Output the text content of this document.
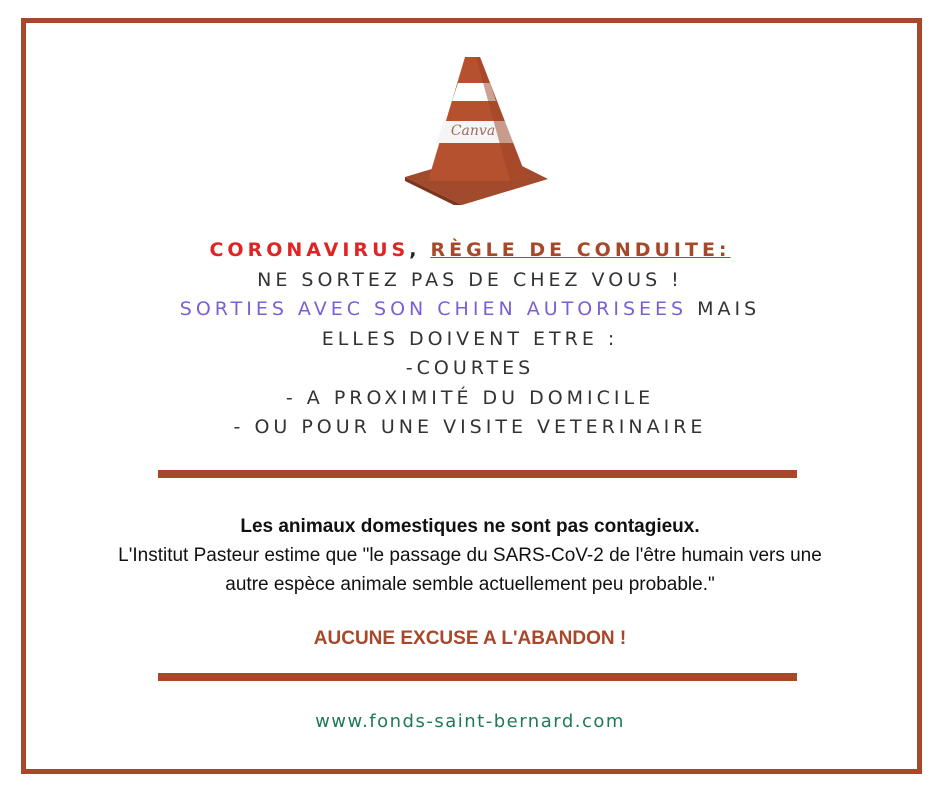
Canva
CORONAVIRUS, RÈGLE DE CONDUITE:
NE SORTEZ PAS DE CHEZ VOUS !
SORTIES AVEC SON CHIEN AUTORISEES MAIS
ELLES DOIVENT ETRE :
-COURTES
- A PROXIMITÉ DU DOMICILE
- OU POUR UNE VISITE VETERINAIRE
Les animaux domestiques ne sont pas contagieux.
L'Institut Pasteur estime que "le passage du SARS-CoV-2 de l'être humain vers une
autre espèce animale semble actuellement peu probable."
AUCUNE EXCUSE A L'ABANDON !
www.fonds-saint-bernard.com
